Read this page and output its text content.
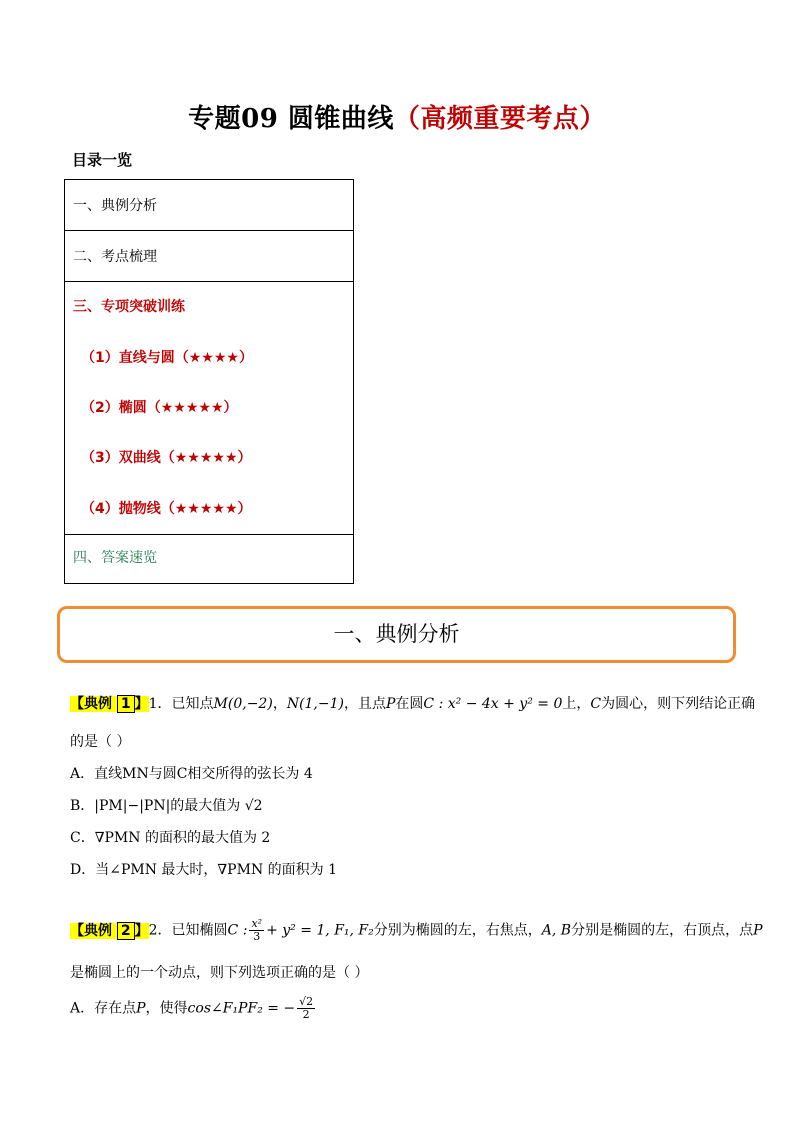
专题09 圆锥曲线（高频重要考点）
目录一览
一、典例分析
二、考点梳理
三、专项突破训练
（1）直线与圆（★★★★）
（2）椭圆（★★★★★）
（3）双曲线（★★★★★）
（4）抛物线（★★★★★）
四、答案速览
一、典例分析
【典例 1 】1．已知点M(0,−2)，N(1,−1)，且点P在圆C : x² − 4x + y² = 0上，C为圆心，则下列结论正确
的是（ ）
A．直线MN与圆C相交所得的弦长为 4
B．|PM|−|PN|的最大值为 √2
C．∇PMN 的面积的最大值为 2
D．当∠PMN 最大时，∇PMN 的面积为 1
【典例 2 】2．已知椭圆C : $\frac{\text{x²}}{3} + y^2 = 1$, F₁, F₂分别为椭圆的左，右焦点，A, B分别是椭圆的左，右顶点，点P
是椭圆上的一个动点，则下列选项正确的是（ ）
A．存在点P，使得cos∠F₁PF₂ = − $\frac{√2}{2}$
